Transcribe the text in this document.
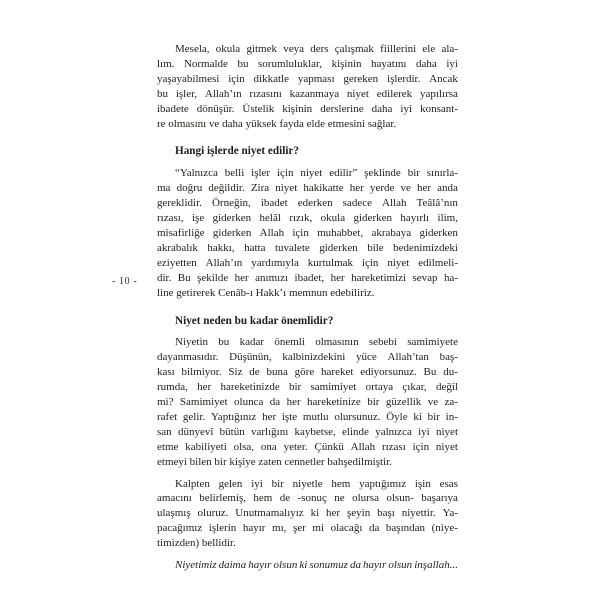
- 10 -
Mesela, okula gitmek veya ders çalışmak fiillerini ele ala-
lım. Normalde bu sorumluluklar, kişinin hayatını daha iyi
yaşayabilmesi için dikkatle yapması gereken işlerdir. Ancak
bu işler, Allah’ın rızasını kazanmaya niyet edilerek yapılırsa
ibadete dönüşür. Üstelik kişinin derslerine daha iyi konsant-
re olmasını ve daha yüksek fayda elde etmesini sağlar.
Hangi işlerde niyet edilir?
“Yalnızca belli işler için niyet edilir” şeklinde bir sınırla-
ma doğru değildir. Zira niyet hakikatte her yerde ve her anda
gereklidir. Örneğin, ibadet ederken sadece Allah Teâlâ’nın
rızası, işe giderken helâl rızık, okula giderken hayırlı ilim,
misafirliğe giderken Allah için muhabbet, akrabaya giderken
akrabalık hakkı, hatta tuvalete giderken bile bedenimizdeki
eziyetten Allah’ın yardımıyla kurtulmak için niyet edilmeli-
dir. Bu şekilde her anımızı ibadet, her hareketimizi sevap ha-
line getirerek Cenâb-ı Hakk’ı memnun edebiliriz.
Niyet neden bu kadar önemlidir?
Niyetin bu kadar önemli olmasının sebebi samimiyete
dayanmasıdır. Düşünün, kalbinizdekini yüce Allah’tan baş-
kası bilmiyor. Siz de buna göre hareket ediyorsunuz. Bu du-
rumda, her hareketinizde bir samimiyet ortaya çıkar, değil
mi? Samimiyet olunca da her hareketinize bir güzellik ve za-
rafet gelir. Yaptığınız her işte mutlu olursunuz. Öyle ki bir in-
san dünyevî bütün varlığını kaybetse, elinde yalnızca iyi niyet
etme kabiliyeti olsa, ona yeter. Çünkü Allah rızası için niyet
etmeyi bilen bir kişiye zaten cennetler bahşedilmiştir.
Kalpten gelen iyi bir niyetle hem yaptığımız işin esas
amacını belirlemiş, hem de -sonuç ne olursa olsun- başarıya
ulaşmış oluruz. Unutmamalıyız ki her şeyin başı niyettir. Ya-
pacağımız işlerin hayır mı, şer mi olacağı da başından (niye-
timizden) bellidir.
Niyetimiz daima hayır olsun ki sonumuz da hayır olsun inşallah...
